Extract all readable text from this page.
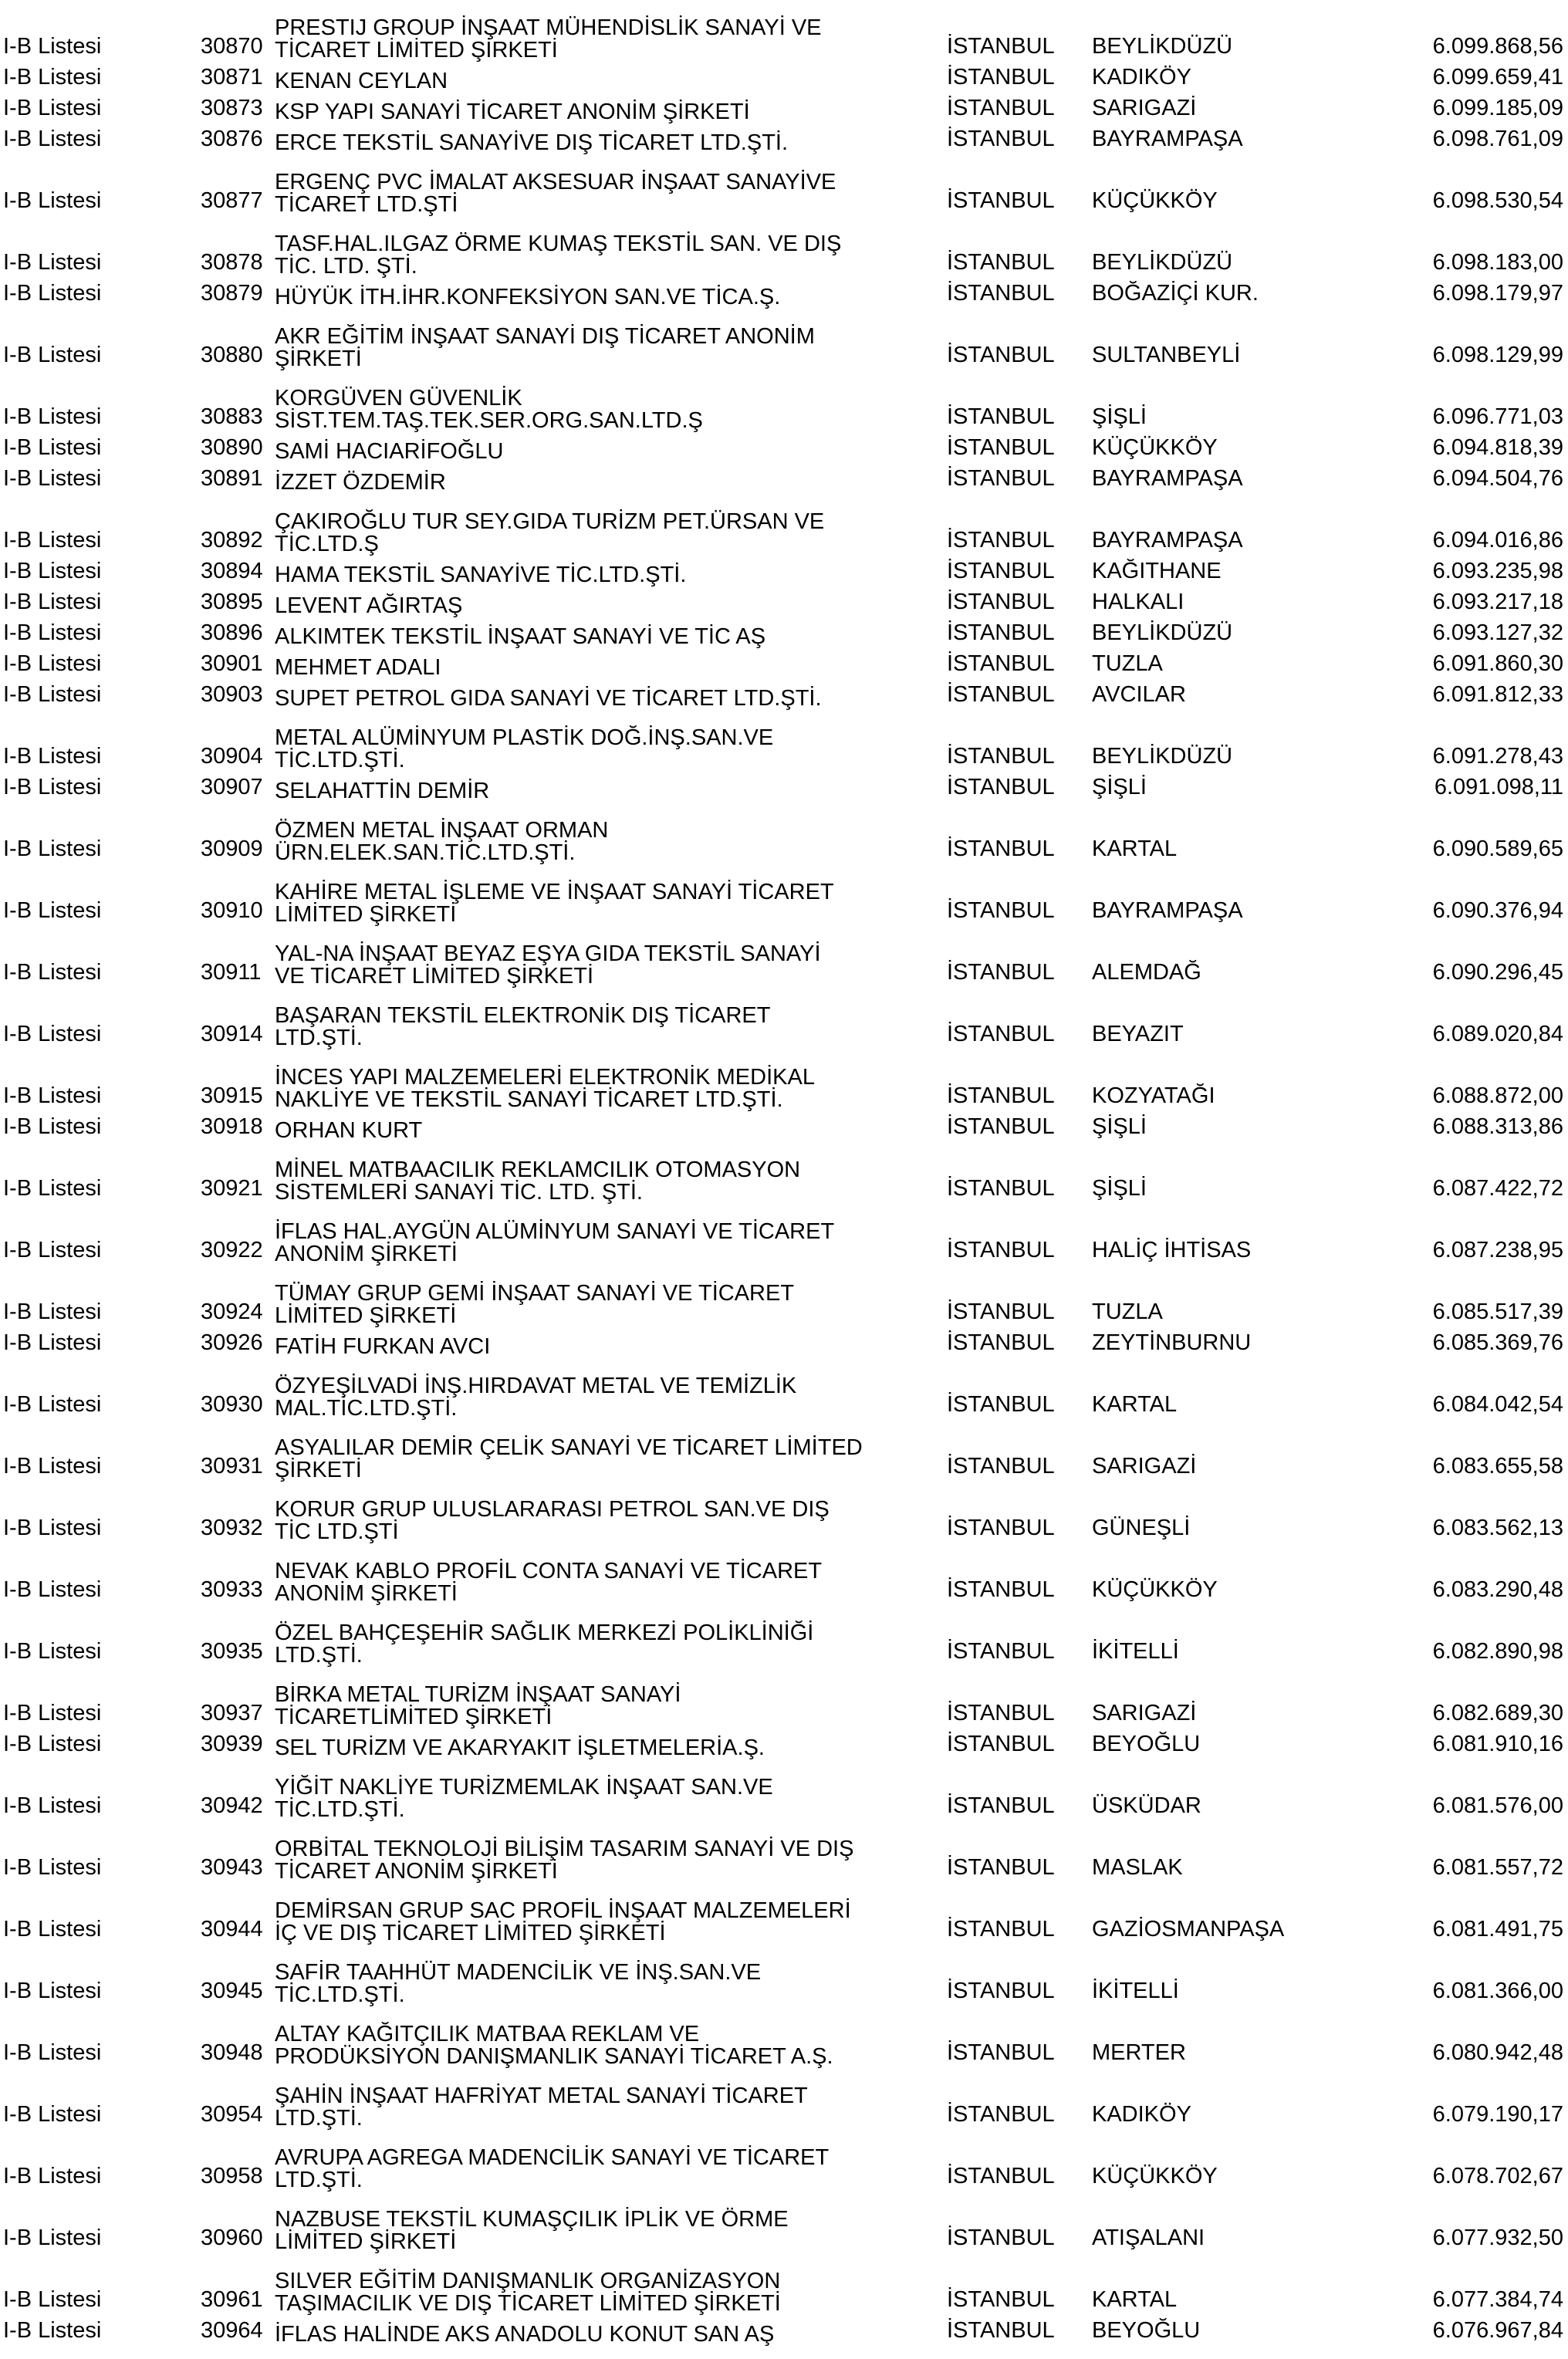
I-B Listesi	30870
PRESTIJ GROUP İNŞAAT MÜHENDİSLİK SANAYİ VE
TİCARET LİMİTED ŞİRKETİ	İSTANBUL BEYLİKDÜZÜ	6.099.868,56
I-B Listesi	30871 KENAN CEYLAN	İSTANBUL KADIKÖY	6.099.659,41
I-B Listesi	30873 KSP YAPI SANAYİ TİCARET ANONİM ŞİRKETİ	İSTANBUL SARIGAZİ	6.099.185,09
I-B Listesi	30876 ERCE TEKSTİL SANAYİVE DIŞ TİCARET LTD.ŞTİ.	İSTANBUL BAYRAMPAŞA	6.098.761,09
I-B Listesi	30877
ERGENÇ PVC İMALAT AKSESUAR İNŞAAT SANAYİVE
TİCARET LTD.ŞTİ	İSTANBUL KÜÇÜKKÖY	6.098.530,54
I-B Listesi	30878
TASF.HAL.ILGAZ ÖRME KUMAŞ TEKSTİL SAN. VE DIŞ
TİC. LTD. ŞTİ.	İSTANBUL BEYLİKDÜZÜ	6.098.183,00
I-B Listesi	30879 HÜYÜK İTH.İHR.KONFEKSİYON SAN.VE TİCA.Ş.	İSTANBUL BOĞAZİÇİ KUR.	6.098.179,97
I-B Listesi	30880
AKR EĞİTİM İNŞAAT SANAYİ DIŞ TİCARET ANONİM
ŞİRKETİ	İSTANBUL SULTANBEYLİ	6.098.129,99
I-B Listesi	30883
KORGÜVEN GÜVENLİK
SİST.TEM.TAŞ.TEK.SER.ORG.SAN.LTD.Ş	İSTANBUL ŞİŞLİ	6.096.771,03
I-B Listesi	30890 SAMİ HACIARİFOĞLU	İSTANBUL KÜÇÜKKÖY	6.094.818,39
I-B Listesi	30891 İZZET ÖZDEMİR	İSTANBUL BAYRAMPAŞA	6.094.504,76
I-B Listesi	30892
ÇAKIROĞLU TUR SEY.GIDA TURİZM PET.ÜRSAN VE
TİC.LTD.Ş	İSTANBUL BAYRAMPAŞA	6.094.016,86
I-B Listesi	30894 HAMA TEKSTİL SANAYİVE TİC.LTD.ŞTİ.	İSTANBUL KAĞITHANE	6.093.235,98
I-B Listesi	30895 LEVENT AĞIRTAŞ	İSTANBUL HALKALI	6.093.217,18
I-B Listesi	30896 ALKIMTEK TEKSTİL İNŞAAT SANAYİ VE TİC AŞ	İSTANBUL BEYLİKDÜZÜ	6.093.127,32
I-B Listesi	30901 MEHMET ADALI	İSTANBUL TUZLA	6.091.860,30
I-B Listesi	30903 SUPET PETROL GIDA SANAYİ VE TİCARET LTD.ŞTİ.	İSTANBUL AVCILAR	6.091.812,33
I-B Listesi	30904
METAL ALÜMİNYUM PLASTİK DOĞ.İNŞ.SAN.VE
TİC.LTD.ŞTİ.	İSTANBUL BEYLİKDÜZÜ	6.091.278,43
I-B Listesi	30907 SELAHATTİN DEMİR	İSTANBUL ŞİŞLİ	6.091.098,11
I-B Listesi	30909
ÖZMEN METAL İNŞAAT ORMAN
ÜRN.ELEK.SAN.TİC.LTD.ŞTİ.	İSTANBUL KARTAL	6.090.589,65
I-B Listesi	30910
KAHİRE METAL İŞLEME VE İNŞAAT SANAYİ TİCARET
LİMİTED ŞİRKETİ	İSTANBUL BAYRAMPAŞA	6.090.376,94
I-B Listesi	30911
YAL-NA İNŞAAT BEYAZ EŞYA GIDA TEKSTİL SANAYİ
VE TİCARET LİMİTED ŞİRKETİ	İSTANBUL ALEMDAĞ	6.090.296,45
I-B Listesi	30914
BAŞARAN TEKSTİL ELEKTRONİK DIŞ TİCARET
LTD.ŞTİ.	İSTANBUL BEYAZIT	6.089.020,84
I-B Listesi	30915
İNCES YAPI MALZEMELERİ ELEKTRONİK MEDİKAL
NAKLİYE VE TEKSTİL SANAYİ TİCARET LTD.ŞTİ.	İSTANBUL KOZYATAĞI	6.088.872,00
I-B Listesi	30918 ORHAN KURT	İSTANBUL ŞİŞLİ	6.088.313,86
I-B Listesi	30921
MİNEL MATBAACILIK REKLAMCILIK OTOMASYON
SİSTEMLERİ SANAYİ TİC. LTD. ŞTİ.	İSTANBUL ŞİŞLİ	6.087.422,72
I-B Listesi	30922
İFLAS HAL.AYGÜN ALÜMİNYUM SANAYİ VE TİCARET
ANONİM ŞİRKETİ	İSTANBUL HALİÇ İHTİSAS	6.087.238,95
I-B Listesi	30924
TÜMAY GRUP GEMİ İNŞAAT SANAYİ VE TİCARET
LİMİTED ŞİRKETİ	İSTANBUL TUZLA	6.085.517,39
I-B Listesi	30926 FATİH FURKAN AVCI	İSTANBUL ZEYTİNBURNU	6.085.369,76
I-B Listesi	30930
ÖZYEŞİLVADİ İNŞ.HIRDAVAT METAL VE TEMİZLİK
MAL.TİC.LTD.ŞTİ.	İSTANBUL KARTAL	6.084.042,54
I-B Listesi	30931
ASYALILAR DEMİR ÇELİK SANAYİ VE TİCARET LİMİTED
ŞİRKETİ	İSTANBUL SARIGAZİ	6.083.655,58
I-B Listesi	30932
KORUR GRUP ULUSLARARASI PETROL SAN.VE DIŞ
TİC LTD.ŞTİ	İSTANBUL GÜNEŞLİ	6.083.562,13
I-B Listesi	30933
NEVAK KABLO PROFİL CONTA SANAYİ VE TİCARET
ANONİM ŞİRKETİ	İSTANBUL KÜÇÜKKÖY	6.083.290,48
I-B Listesi	30935
ÖZEL BAHÇEŞEHİR SAĞLIK MERKEZİ POLİKLİNİĞİ
LTD.ŞTİ.	İSTANBUL İKİTELLİ	6.082.890,98
I-B Listesi	30937
BİRKA METAL TURİZM İNŞAAT SANAYİ
TİCARETLİMİTED ŞİRKETİ	İSTANBUL SARIGAZİ	6.082.689,30
I-B Listesi	30939 SEL TURİZM VE AKARYAKIT İŞLETMELERİA.Ş.	İSTANBUL BEYOĞLU	6.081.910,16
I-B Listesi	30942
YİĞİT NAKLİYE TURİZMEMLAK İNŞAAT SAN.VE
TİC.LTD.ŞTİ.	İSTANBUL ÜSKÜDAR	6.081.576,00
I-B Listesi	30943
ORBİTAL TEKNOLOJİ BİLİŞİM TASARIM SANAYİ VE DIŞ
TİCARET ANONİM ŞİRKETİ	İSTANBUL MASLAK	6.081.557,72
I-B Listesi	30944
DEMİRSAN GRUP SAC PROFİL İNŞAAT MALZEMELERİ
İÇ VE DIŞ TİCARET LİMİTED ŞİRKETİ	İSTANBUL GAZİOSMANPAŞA	6.081.491,75
I-B Listesi	30945
SAFİR TAAHHÜT MADENCİLİK VE İNŞ.SAN.VE
TİC.LTD.ŞTİ.	İSTANBUL İKİTELLİ	6.081.366,00
I-B Listesi	30948
ALTAY KAĞITÇILIK MATBAA REKLAM VE
PRODÜKSİYON DANIŞMANLIK SANAYİ TİCARET A.Ş.	İSTANBUL MERTER	6.080.942,48
I-B Listesi	30954
ŞAHİN İNŞAAT HAFRİYAT METAL SANAYİ TİCARET
LTD.ŞTİ.	İSTANBUL KADIKÖY	6.079.190,17
I-B Listesi	30958
AVRUPA AGREGA MADENCİLİK SANAYİ VE TİCARET
LTD.ŞTİ.	İSTANBUL KÜÇÜKKÖY	6.078.702,67
I-B Listesi	30960
NAZBUSE TEKSTİL KUMAŞÇILIK İPLİK VE ÖRME
LİMİTED ŞİRKETİ	İSTANBUL ATIŞALANI	6.077.932,50
I-B Listesi	30961
SILVER EĞİTİM DANIŞMANLIK ORGANİZASYON
TAŞIMACILIK VE DIŞ TİCARET LİMİTED ŞİRKETİ	İSTANBUL KARTAL	6.077.384,74
I-B Listesi	30964 İFLAS HALİNDE AKS ANADOLU KONUT SAN AŞ	İSTANBUL BEYOĞLU	6.076.967,84
